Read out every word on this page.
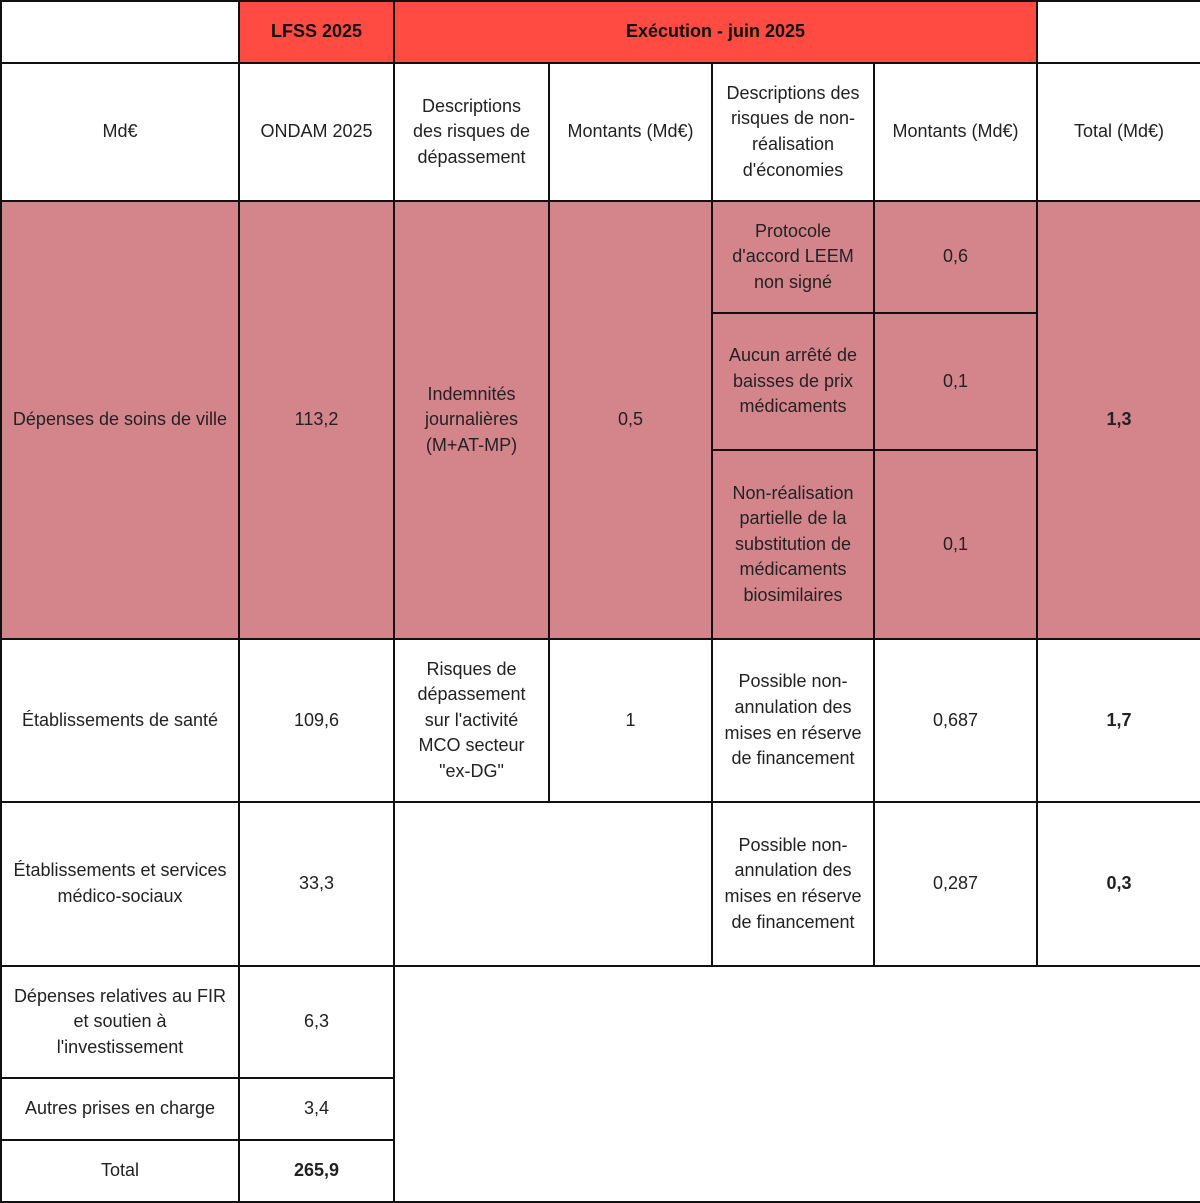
	LFSS 2025	Exécution - juin 2025				
Md€	ONDAM 2025	Descriptions des risques de dépassement	Montants (Md€)	Descriptions des risques de non-réalisation d'économies	Montants (Md€)	Total (Md€)
Dépenses de soins de ville	113,2	Indemnités journalières (M+AT-MP)	0,5	Protocole d'accord LEEM non signé	0,6	1,3
				Aucun arrêté de baisses de prix médicaments	0,1	
				Non-réalisation partielle de la substitution de médicaments biosimilaires	0,1	
Établissements de santé	109,6	Risques de dépassement sur l'activité MCO secteur "ex-DG"	1	Possible non-annulation des mises en réserve de financement	0,687	1,7
Établissements et services médico-sociaux	33,3			Possible non-annulation des mises en réserve de financement	0,287	0,3
Dépenses relatives au FIR et soutien à l'investissement	6,3					
Autres prises en charge	3,4					
Total	265,9					
